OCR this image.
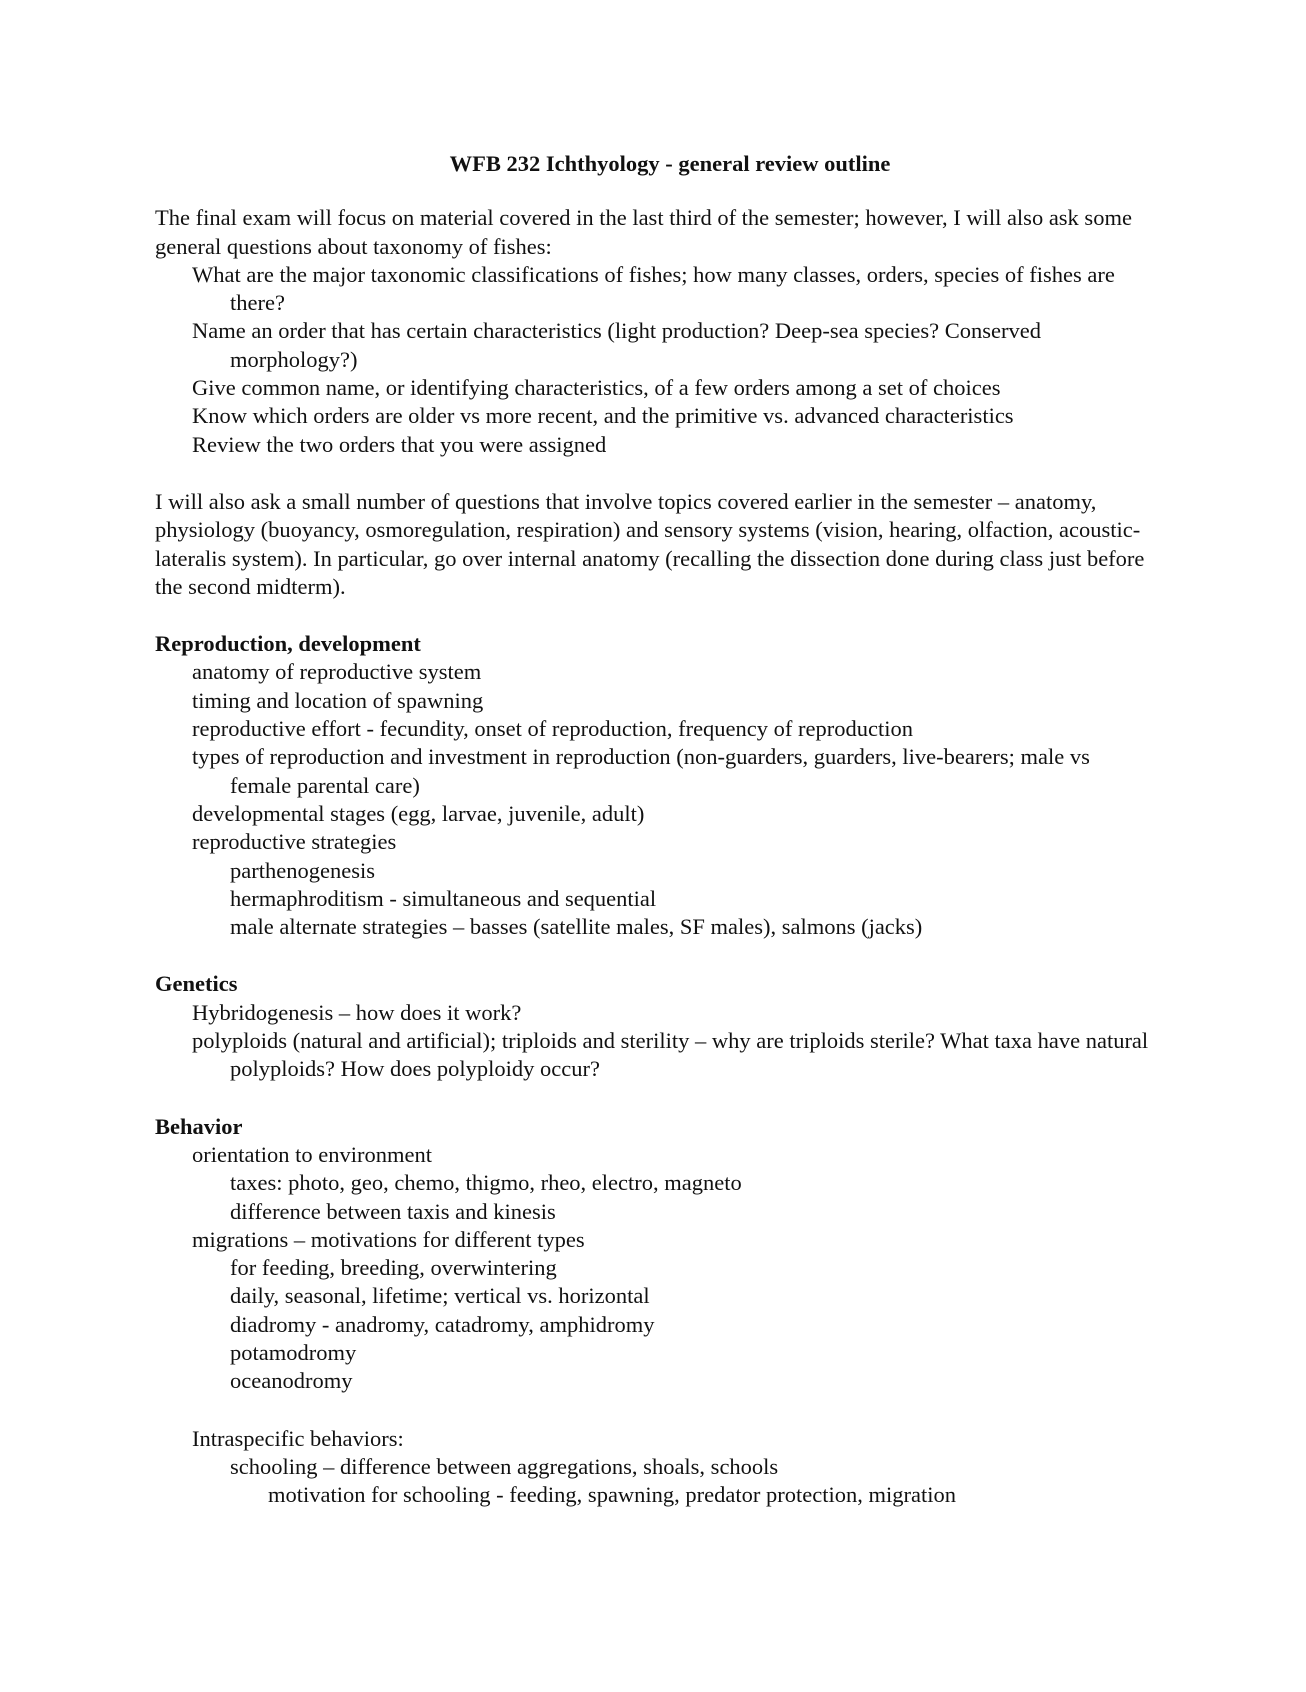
WFB 232 Ichthyology - general review outline

The final exam will focus on material covered in the last third of the semester; however, I will also ask some general questions about taxonomy of fishes:

What are the major taxonomic classifications of fishes; how many classes, orders, species of fishes are there?

Name an order that has certain characteristics (light production? Deep-sea species? Conserved morphology?)

Give common name, or identifying characteristics, of a few orders among a set of choices

Know which orders are older vs more recent, and the primitive vs. advanced characteristics

Review the two orders that you were assigned

I will also ask a small number of questions that involve topics covered earlier in the semester – anatomy, physiology (buoyancy, osmoregulation, respiration) and sensory systems (vision, hearing, olfaction, acoustic-lateralis system). In particular, go over internal anatomy (recalling the dissection done during class just before the second midterm).

Reproduction, development

anatomy of reproductive system

timing and location of spawning

reproductive effort - fecundity, onset of reproduction, frequency of reproduction

types of reproduction and investment in reproduction (non-guarders, guarders, live-bearers; male vs female parental care)

developmental stages (egg, larvae, juvenile, adult)

reproductive strategies

parthenogenesis

hermaphroditism - simultaneous and sequential

male alternate strategies – basses (satellite males, SF males), salmons (jacks)

Genetics

Hybridogenesis – how does it work?

polyploids (natural and artificial); triploids and sterility – why are triploids sterile? What taxa have natural polyploids? How does polyploidy occur?

Behavior

orientation to environment

taxes: photo, geo, chemo, thigmo, rheo, electro, magneto

difference between taxis and kinesis

migrations – motivations for different types

for feeding, breeding, overwintering

daily, seasonal, lifetime; vertical vs. horizontal

diadromy - anadromy, catadromy, amphidromy

potamodromy

oceanodromy

Intraspecific behaviors:

schooling – difference between aggregations, shoals, schools

motivation for schooling - feeding, spawning, predator protection, migration
